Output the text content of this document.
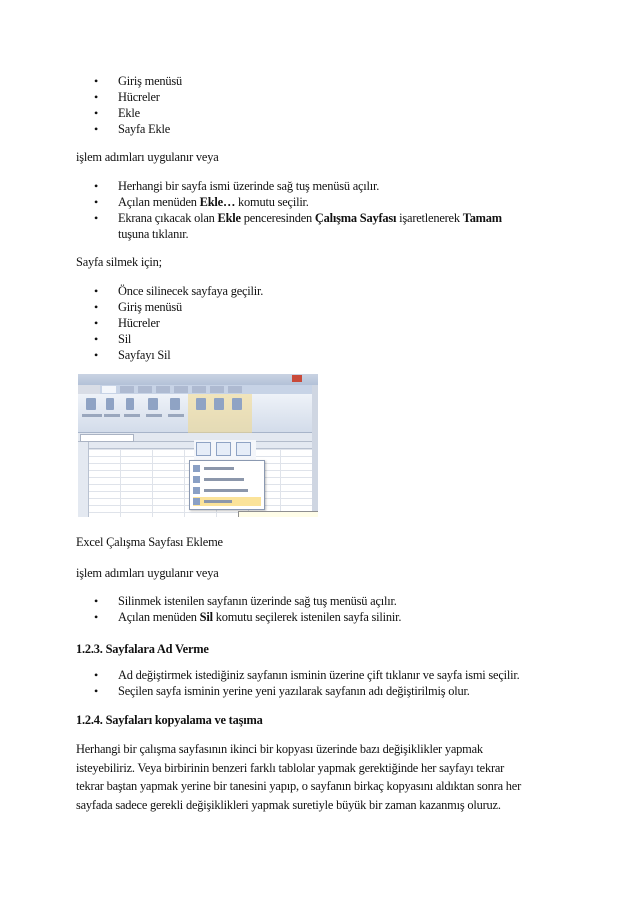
• Giriş menüsü
• Hücreler
• Ekle
• Sayfa Ekle
işlem adımları uygulanır veya
• Herhangi bir sayfa ismi üzerinde sağ tuş menüsü açılır.
• Açılan menüden Ekle… komutu seçilir.
• Ekrana çıkacak olan Ekle penceresinden Çalışma Sayfası işaretlenerek Tamam
tuşuna tıklanır.
Sayfa silmek için;
• Önce silinecek sayfaya geçilir.
• Giriş menüsü
• Hücreler
• Sil
• Sayfayı Sil
Excel Çalışma Sayfası Ekleme
işlem adımları uygulanır veya
• Silinmek istenilen sayfanın üzerinde sağ tuş menüsü açılır.
• Açılan menüden Sil komutu seçilerek istenilen sayfa silinir.
1.2.3. Sayfalara Ad Verme
• Ad değiştirmek istediğiniz sayfanın isminin üzerine çift tıklanır ve sayfa ismi seçilir.
• Seçilen sayfa isminin yerine yeni yazılarak sayfanın adı değiştirilmiş olur.
1.2.4. Sayfaları kopyalama ve taşıma
Herhangi bir çalışma sayfasının ikinci bir kopyası üzerinde bazı değişiklikler yapmak
isteyebiliriz. Veya birbirinin benzeri farklı tablolar yapmak gerektiğinde her sayfayı tekrar
tekrar baştan yapmak yerine bir tanesini yapıp, o sayfanın birkaç kopyasını aldıktan sonra her
sayfada sadece gerekli değişiklikleri yapmak suretiyle büyük bir zaman kazanmış oluruz.
